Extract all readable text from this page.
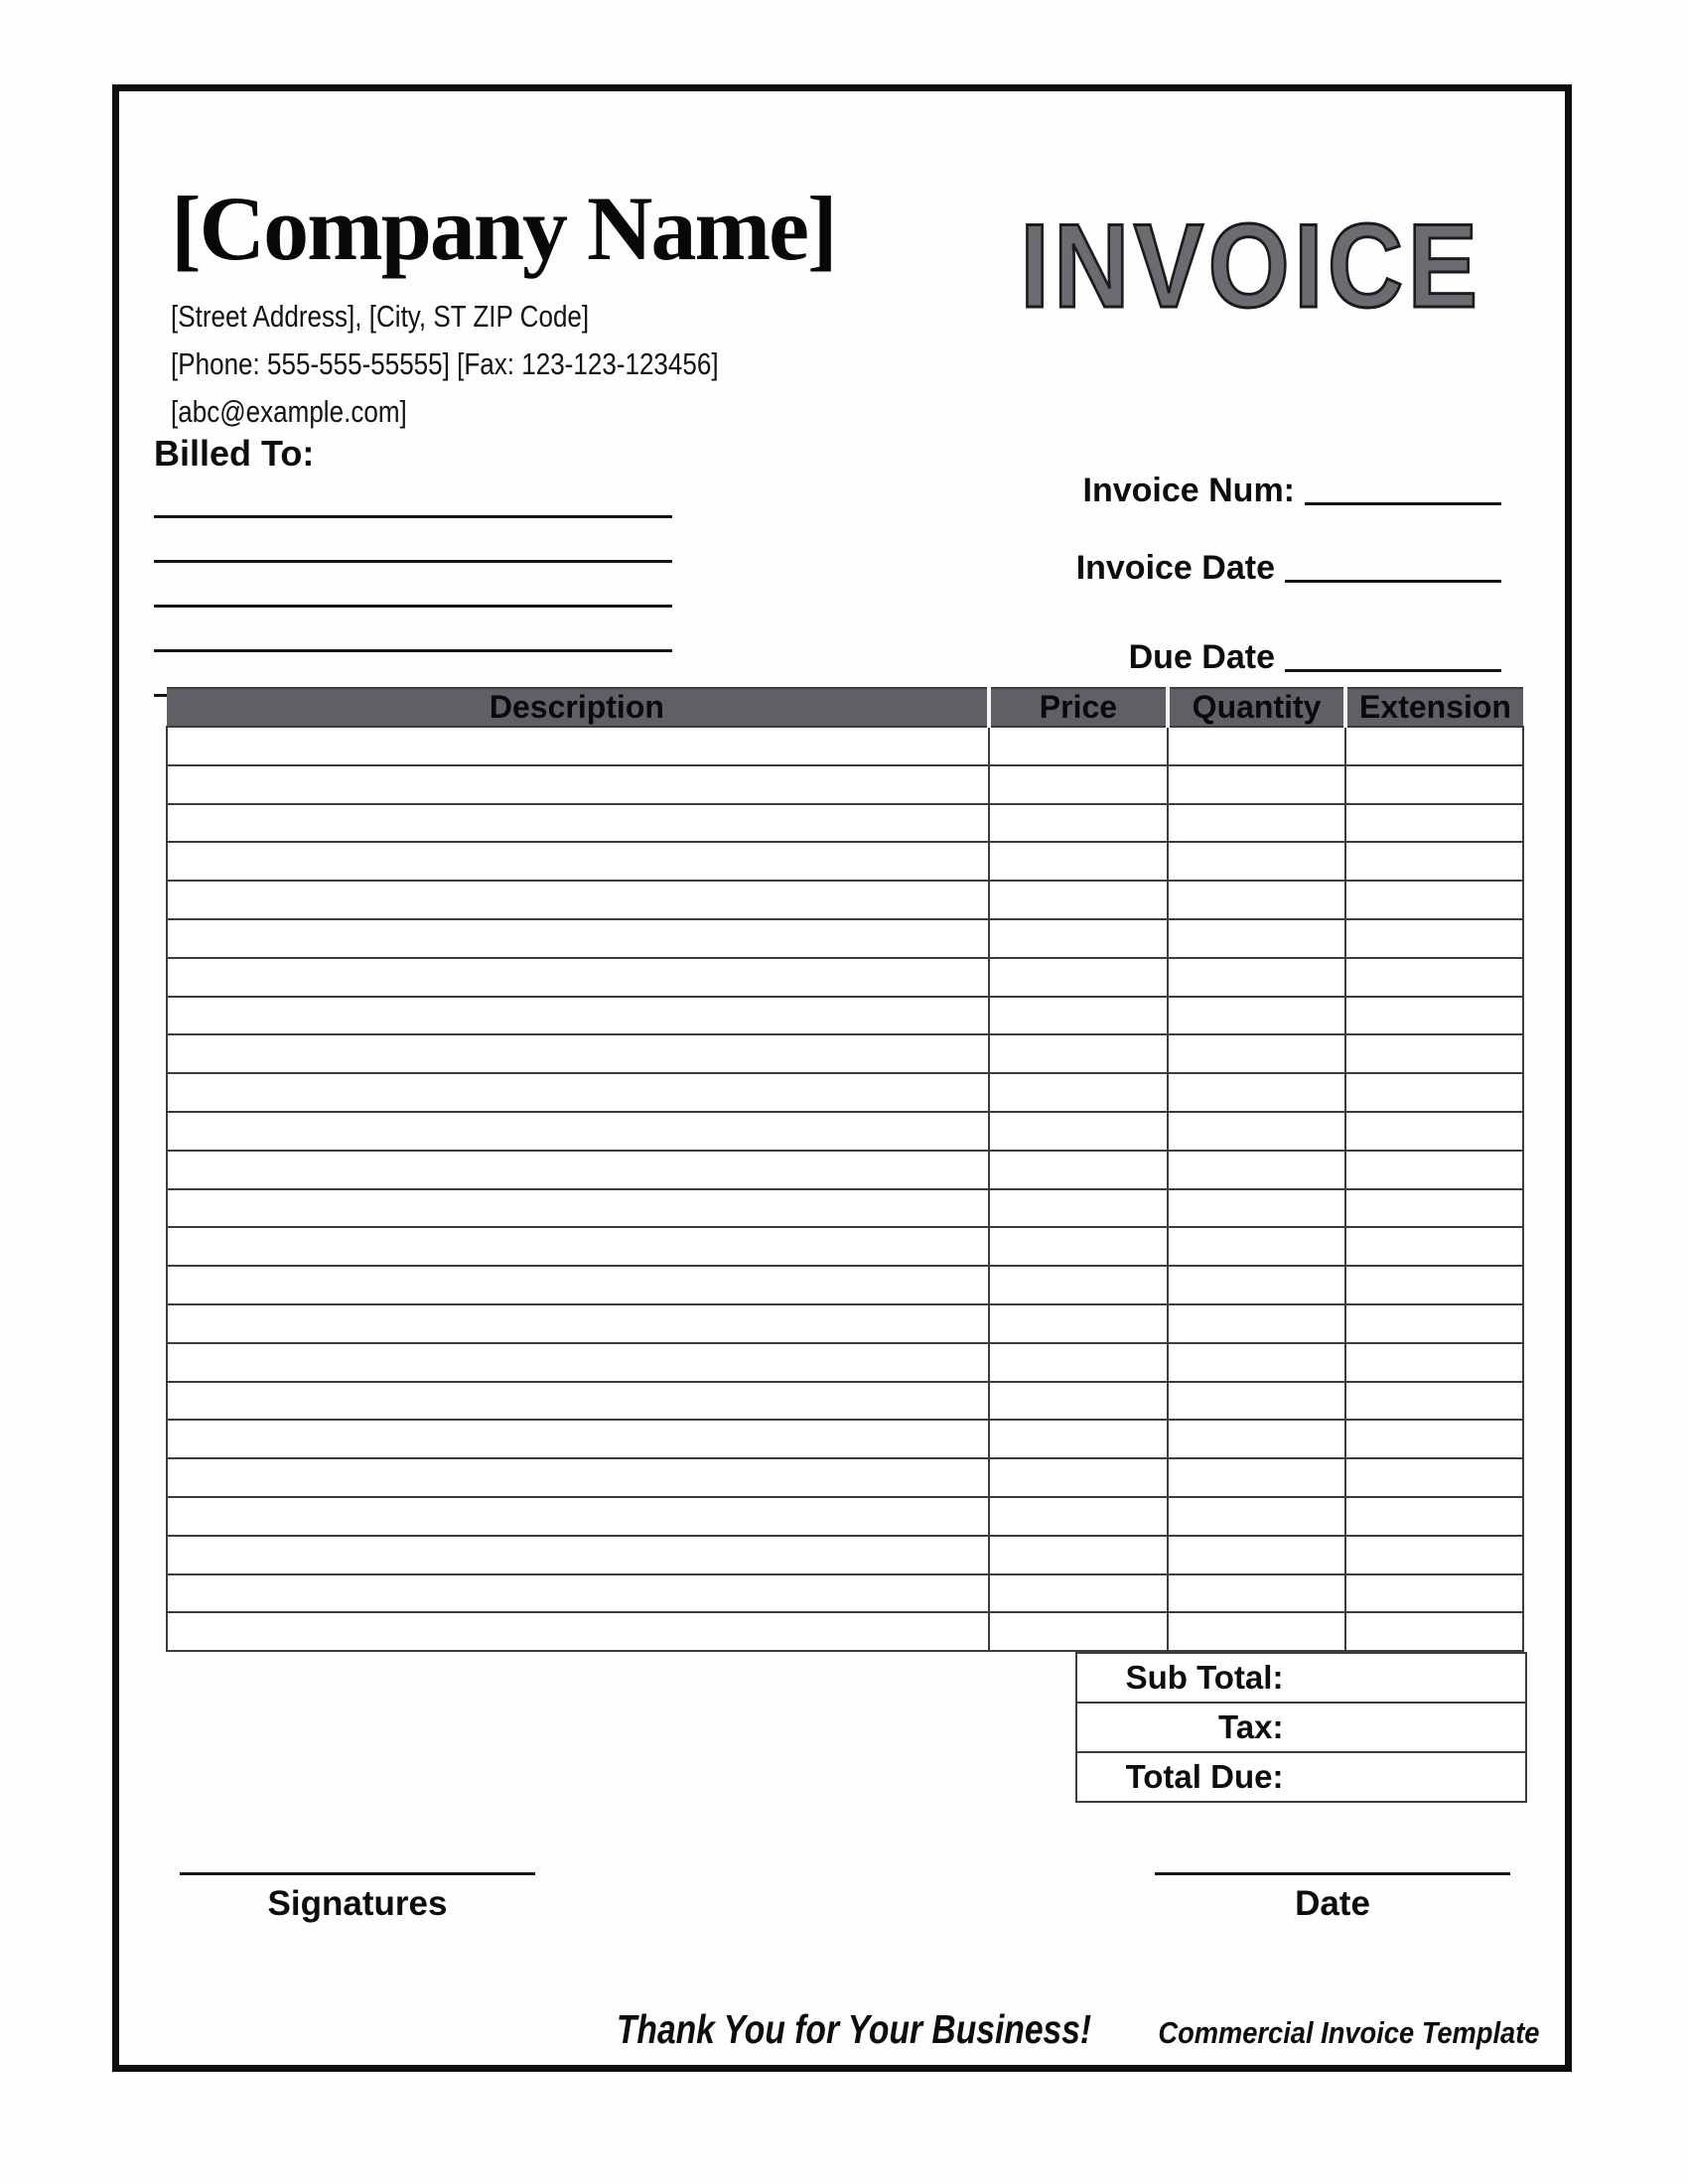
[Company Name]
[Street Address], [City, ST ZIP Code]
[Phone: 555-555-55555] [Fax: 123-123-123456]
[abc@example.com]
INVOICE
Billed To:
Invoice Num:
Invoice Date
Due Date
Description	Price	Quantity	Extension

Sub Total:
Tax:
Total Due:
Signatures	Date
Thank You for Your Business!	Commercial Invoice Template
